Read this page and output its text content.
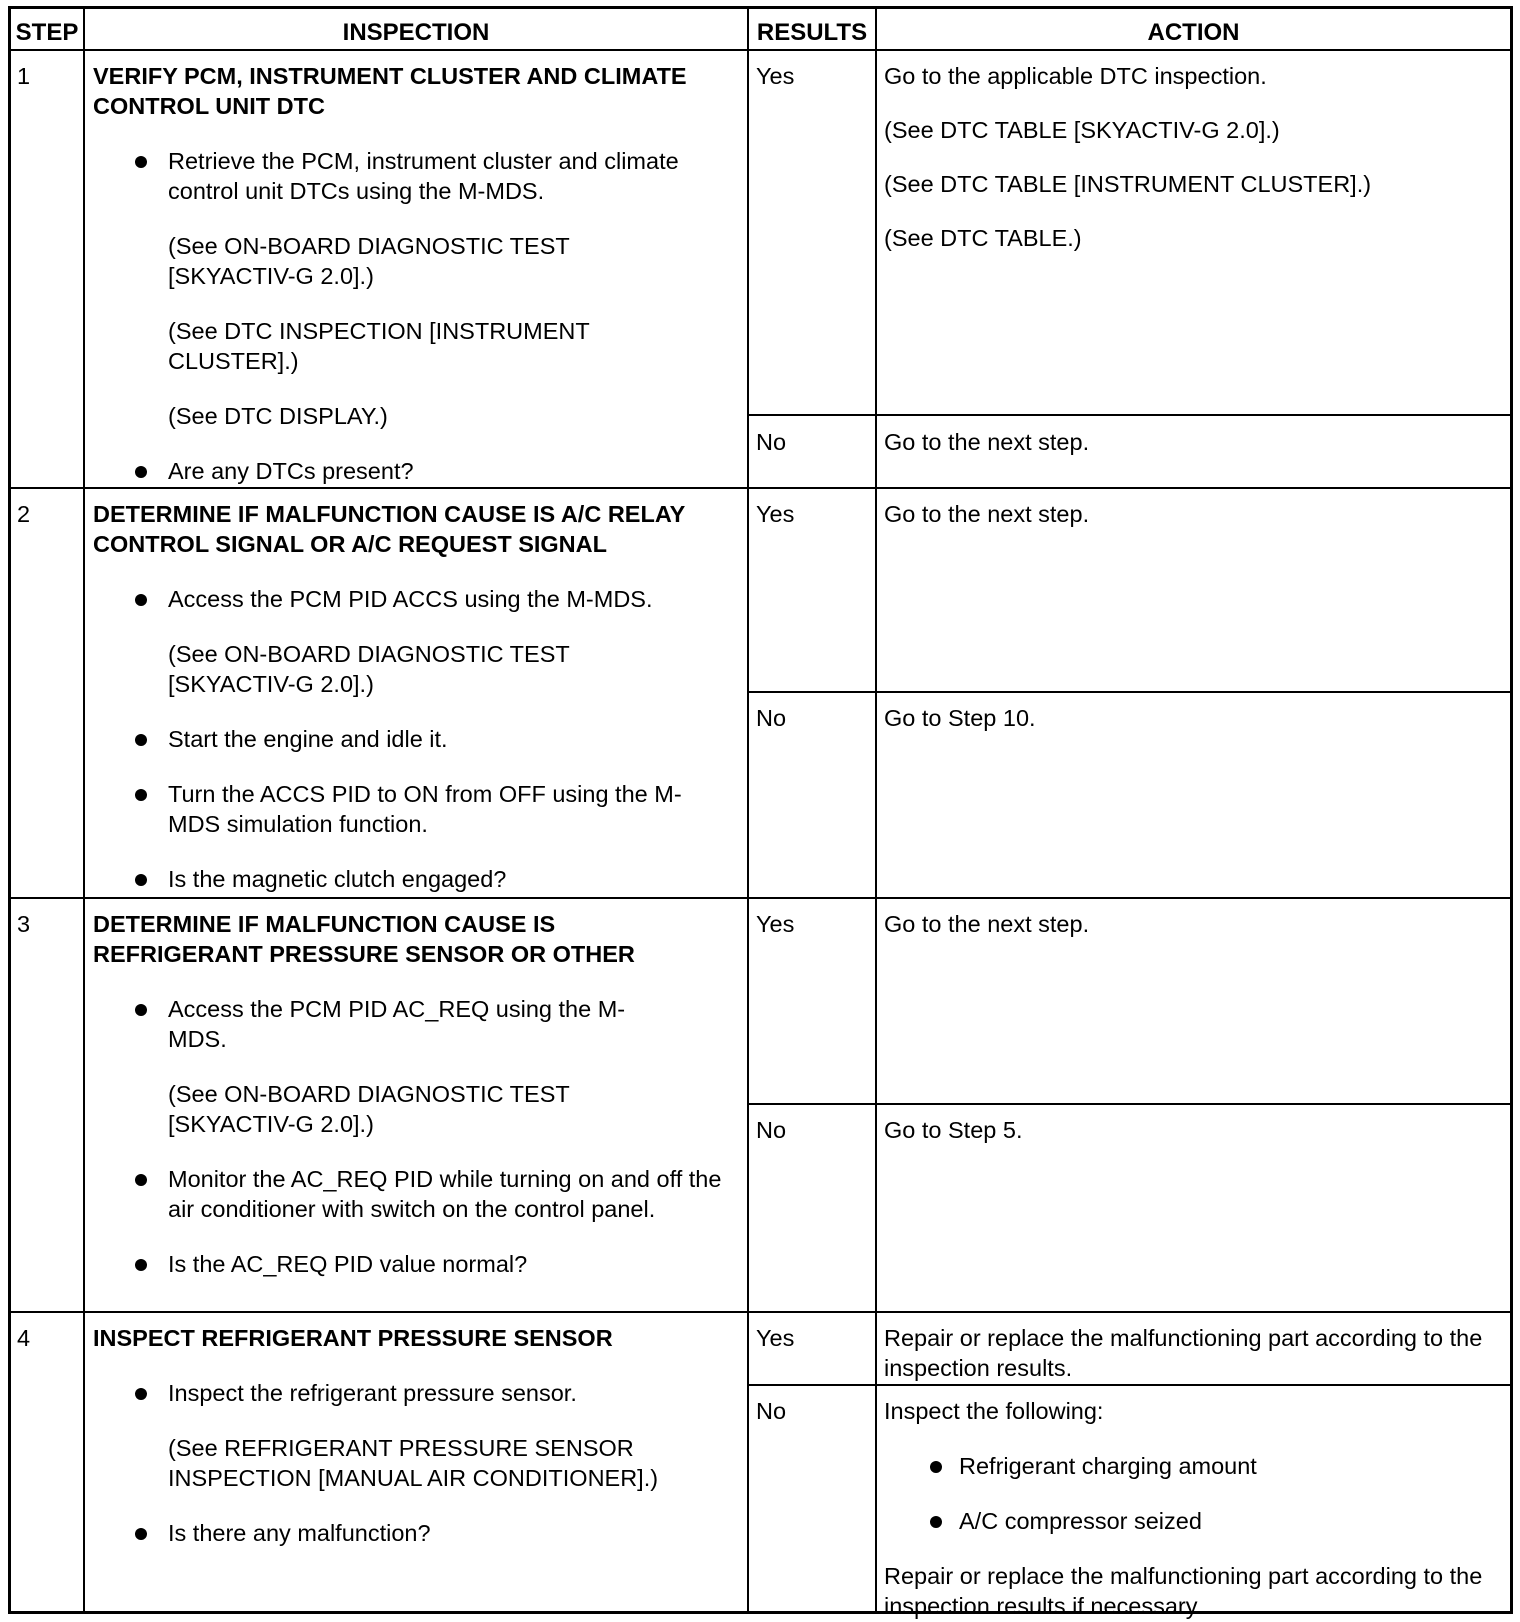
STEP	INSPECTION	RESULTS	ACTION
1	VERIFY PCM, INSTRUMENT CLUSTER AND CLIMATE CONTROL UNIT DTC
Retrieve the PCM, instrument cluster and climate control unit DTCs using the M-MDS.
(See ON-BOARD DIAGNOSTIC TEST [SKYACTIV-G 2.0].)
(See DTC INSPECTION [INSTRUMENT CLUSTER].)
(See DTC DISPLAY.)
Are any DTCs present?
Yes	Go to the applicable DTC inspection.
(See DTC TABLE [SKYACTIV-G 2.0].)
(See DTC TABLE [INSTRUMENT CLUSTER].)
(See DTC TABLE.)
No	Go to the next step.
2	DETERMINE IF MALFUNCTION CAUSE IS A/C RELAY CONTROL SIGNAL OR A/C REQUEST SIGNAL
Access the PCM PID ACCS using the M-MDS.
(See ON-BOARD DIAGNOSTIC TEST [SKYACTIV-G 2.0].)
Start the engine and idle it.
Turn the ACCS PID to ON from OFF using the M-MDS simulation function.
Is the magnetic clutch engaged?
Yes	Go to the next step.
No	Go to Step 10.
3	DETERMINE IF MALFUNCTION CAUSE IS REFRIGERANT PRESSURE SENSOR OR OTHER
Access the PCM PID AC_REQ using the M-MDS.
(See ON-BOARD DIAGNOSTIC TEST [SKYACTIV-G 2.0].)
Monitor the AC_REQ PID while turning on and off the air conditioner with switch on the control panel.
Is the AC_REQ PID value normal?
Yes	Go to the next step.
No	Go to Step 5.
4	INSPECT REFRIGERANT PRESSURE SENSOR
Inspect the refrigerant pressure sensor.
(See REFRIGERANT PRESSURE SENSOR INSPECTION [MANUAL AIR CONDITIONER].)
Is there any malfunction?
Yes	Repair or replace the malfunctioning part according to the inspection results.
No	Inspect the following:
Refrigerant charging amount
A/C compressor seized
Repair or replace the malfunctioning part according to the inspection results if necessary.
